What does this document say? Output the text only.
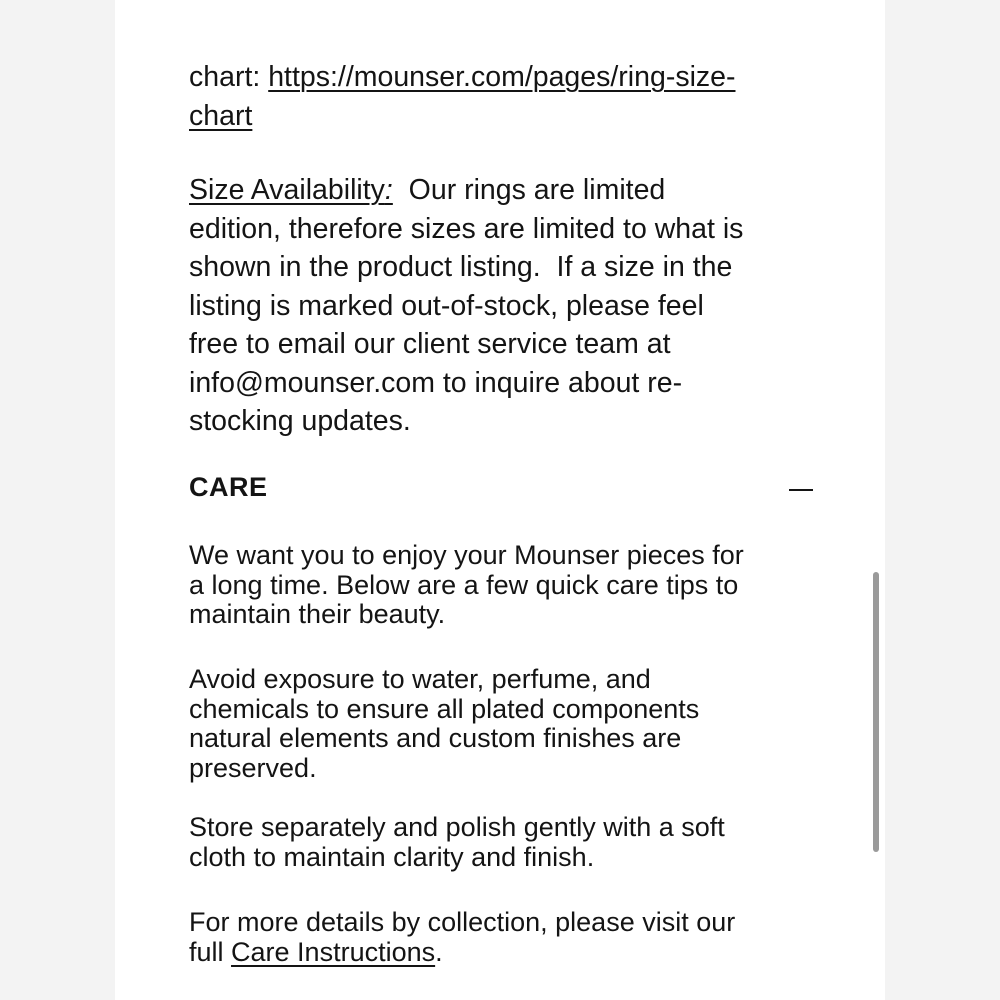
chart: https://mounser.com/pages/ring-size-
chart
Size Availability:  Our rings are limited
edition, therefore sizes are limited to what is
shown in the product listing.  If a size in the
listing is marked out-of-stock, please feel
free to email our client service team at
info@mounser.com to inquire about re-
stocking updates.
CARE
We want you to enjoy your Mounser pieces for
a long time. Below are a few quick care tips to
maintain their beauty.
Avoid exposure to water, perfume, and
chemicals to ensure all plated components
natural elements and custom finishes are
preserved.
Store separately and polish gently with a soft
cloth to maintain clarity and finish.
For more details by collection, please visit our
full Care Instructions.
